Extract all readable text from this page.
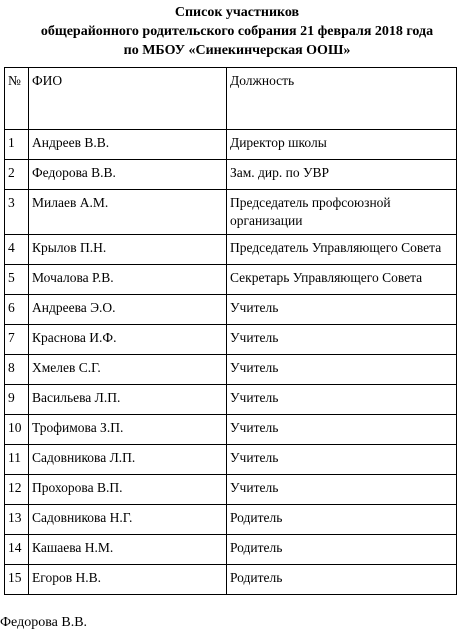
Список участников
общерайонного родительского собрания 21 февраля 2018 года
по МБОУ «Синекинчерская ООШ»
№	ФИО	Должность
1	Андреев В.В.	Директор школы
2	Федорова В.В.	Зам. дир. по УВР
3	Милаев А.М.	Председатель профсоюзной организации
4	Крылов П.Н.	Председатель Управляющего Совета
5	Мочалова Р.В.	Секретарь Управляющего Совета
6	Андреева Э.О.	Учитель
7	Краснова И.Ф.	Учитель
8	Хмелев С.Г.	Учитель
9	Васильева Л.П.	Учитель
10	Трофимова З.П.	Учитель
11	Садовникова Л.П.	Учитель
12	Прохорова В.П.	Учитель
13	Садовникова Н.Г.	Родитель
14	Кашаева Н.М.	Родитель
15	Егоров Н.В.	Родитель
Федорова В.В.
